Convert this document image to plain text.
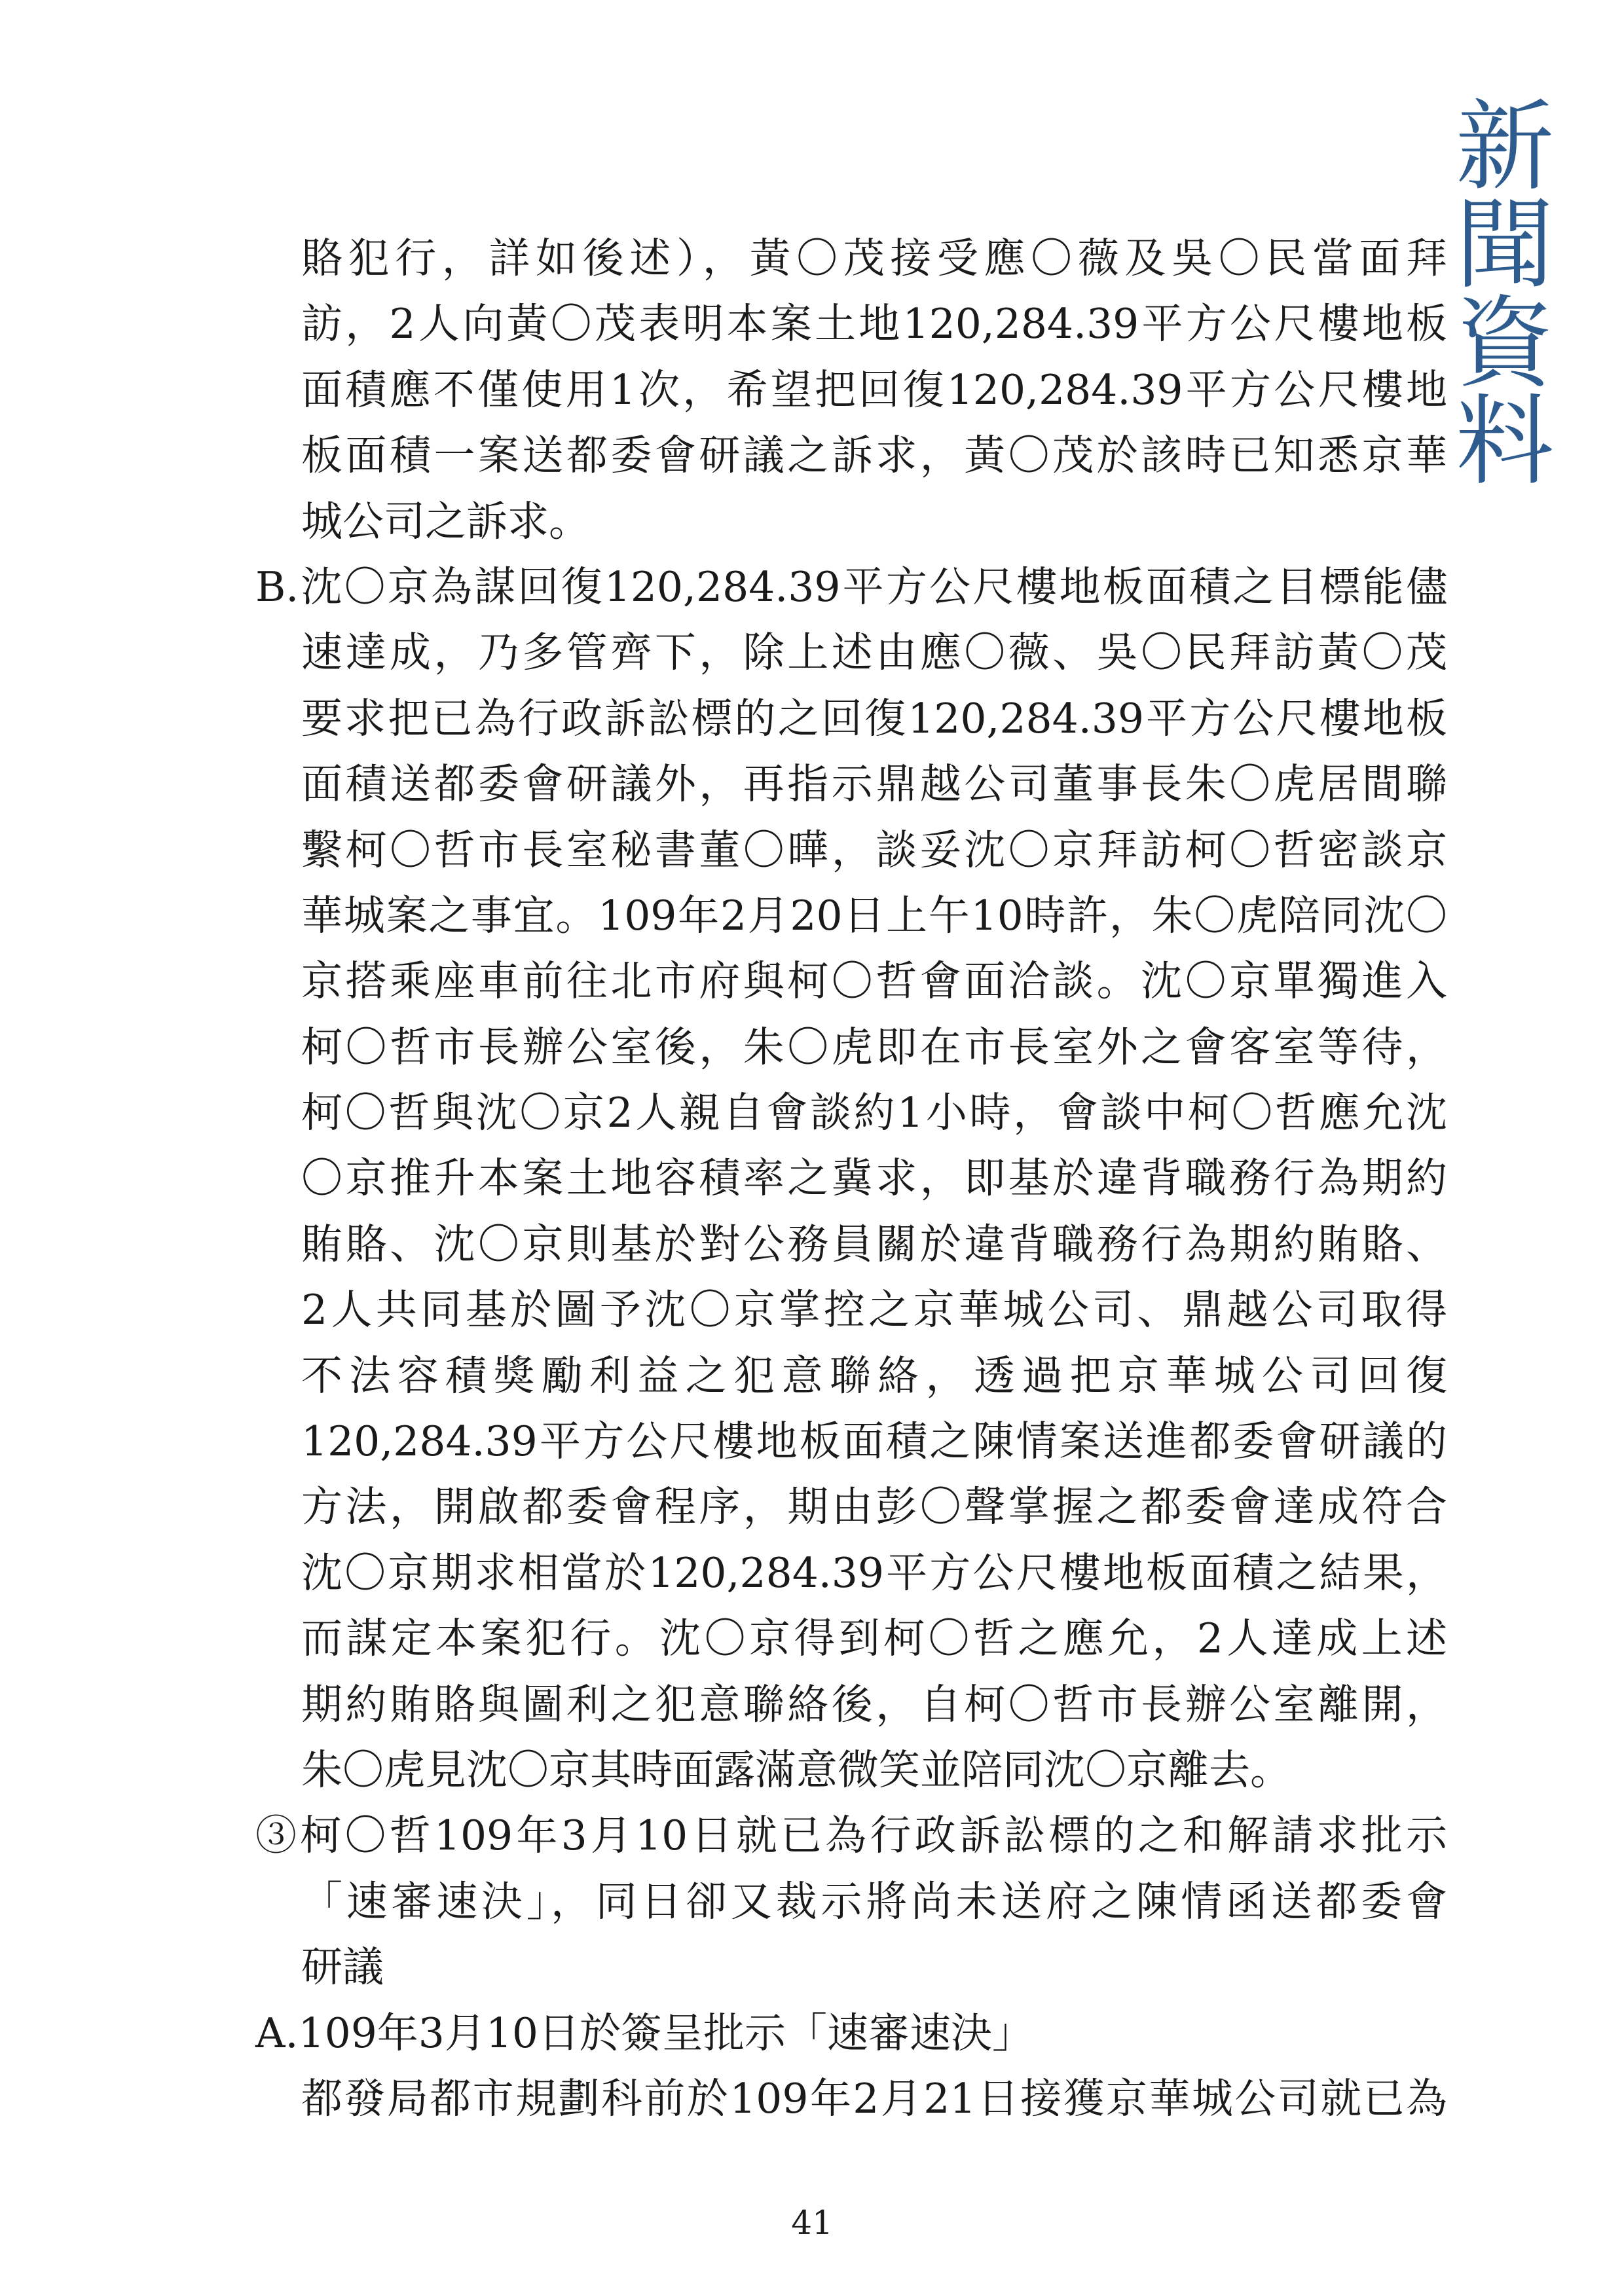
新
聞
資
料
賂犯行，詳如後述），黃〇茂接受應〇薇及吳〇民當面拜
訪，2人向黃〇茂表明本案土地120,284.39平方公尺樓地板
面積應不僅使用1次，希望把回復120,284.39平方公尺樓地
板面積一案送都委會研議之訴求，黃〇茂於該時已知悉京華
城公司之訴求。
B.沈〇京為謀回復120,284.39平方公尺樓地板面積之目標能儘
速達成，乃多管齊下，除上述由應〇薇、吳〇民拜訪黃〇茂
要求把已為行政訴訟標的之回復120,284.39平方公尺樓地板
面積送都委會研議外，再指示鼎越公司董事長朱〇虎居間聯
繫柯〇哲市長室秘書董〇曄，談妥沈〇京拜訪柯〇哲密談京
華城案之事宜。109年2月20日上午10時許，朱〇虎陪同沈〇
京搭乘座車前往北市府與柯〇哲會面洽談。沈〇京單獨進入
柯〇哲市長辦公室後，朱〇虎即在市長室外之會客室等待，
柯〇哲與沈〇京2人親自會談約1小時，會談中柯〇哲應允沈
〇京推升本案土地容積率之冀求，即基於違背職務行為期約
賄賂、沈〇京則基於對公務員關於違背職務行為期約賄賂、
2人共同基於圖予沈〇京掌控之京華城公司、鼎越公司取得
不法容積獎勵利益之犯意聯絡，透過把京華城公司回復
120,284.39平方公尺樓地板面積之陳情案送進都委會研議的
方法，開啟都委會程序，期由彭〇聲掌握之都委會達成符合
沈〇京期求相當於120,284.39平方公尺樓地板面積之結果，
而謀定本案犯行。沈〇京得到柯〇哲之應允，2人達成上述
期約賄賂與圖利之犯意聯絡後，自柯〇哲市長辦公室離開，
朱〇虎見沈〇京其時面露滿意微笑並陪同沈〇京離去。
③柯〇哲109年3月10日就已為行政訴訟標的之和解請求批示
「速審速決」，同日卻又裁示將尚未送府之陳情函送都委會
研議
A.109年3月10日於簽呈批示「速審速決」
都發局都市規劃科前於109年2月21日接獲京華城公司就已為
41
